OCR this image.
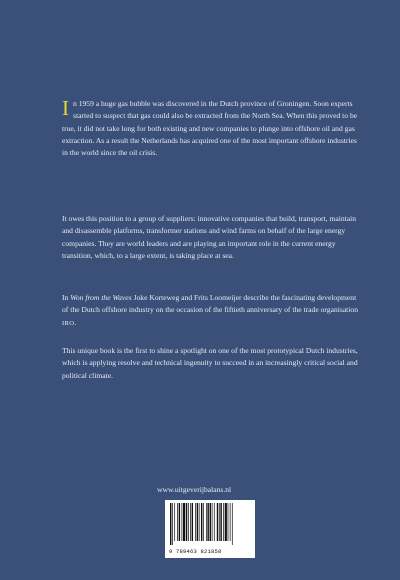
In 1959 a huge gas bubble was discovered in the Dutch province of Groningen. Soon experts started to suspect that gas could also be extracted from the North Sea. When this proved to be true, it did not take long for both existing and new companies to plunge into offshore oil and gas extraction. As a result the Netherlands has acquired one of the most important offshore industries in the world since the oil crisis.

It owes this position to a group of suppliers: innovative companies that build, transport, maintain and disassemble platforms, transformer stations and wind farms on behalf of the large energy companies. They are world leaders and are playing an important role in the current energy transition, which, to a large extent, is taking place at sea.

In Won from the Waves Joke Korteweg and Frits Loomeijer describe the fascinating development of the Dutch offshore industry on the occasion of the fiftieth anniversary of the trade organisation IRO.

This unique book is the first to shine a spotlight on one of the most prototypical Dutch industries, which is applying resolve and technical ingenuity to succeed in an increasingly critical social and political climate.

www.uitgeverijbalans.nl
9 789463 821858
